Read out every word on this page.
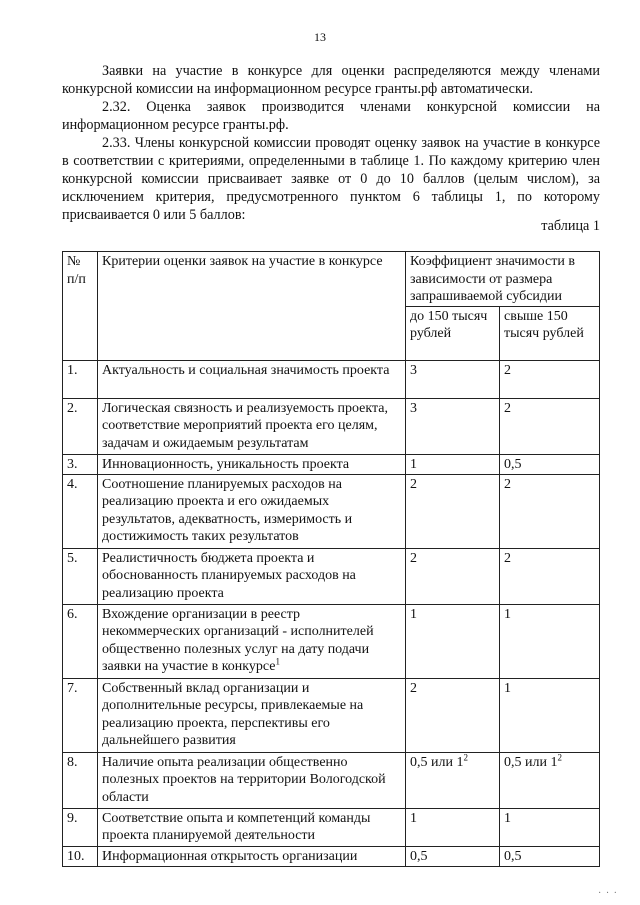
13
Заявки на участие в конкурсе для оценки распределяются между членами конкурсной комиссии на информационном ресурсе гранты.рф автоматически.
2.32. Оценка заявок производится членами конкурсной комиссии на информационном ресурсе гранты.рф.
2.33. Члены конкурсной комиссии проводят оценку заявок на участие в конкурсе в соответствии с критериями, определенными в таблице 1. По каждому критерию член конкурсной комиссии присваивает заявке от 0 до 10 баллов (целым числом), за исключением критерия, предусмотренного пунктом 6 таблицы 1, по которому присваивается 0 или 5 баллов:
таблица 1
№ п/п	Критерии оценки заявок на участие в конкурсе	Коэффициент значимости в зависимости от размера запрашиваемой субсидии	
		до 150 тысяч рублей	свыше 150 тысяч рублей
1.	Актуальность и социальная значимость проекта	3	2
2.	Логическая связность и реализуемость проекта, соответствие мероприятий проекта его целям, задачам и ожидаемым результатам	3	2
3.	Инновационность, уникальность проекта	1	0,5
4.	Соотношение планируемых расходов на реализацию проекта и его ожидаемых результатов, адекватность, измеримость и достижимость таких результатов	2	2
5.	Реалистичность бюджета проекта и обоснованность планируемых расходов на реализацию проекта	2	2
6.	Вхождение организации в реестр некоммерческих организаций - исполнителей общественно полезных услуг на дату подачи заявки на участие в конкурсе$^1$	1	1
7.	Собственный вклад организации и дополнительные ресурсы, привлекаемые на реализацию проекта, перспективы его дальнейшего развития	2	1
8.	Наличие опыта реализации общественно полезных проектов на территории Вологодской области	0,5 или $1^2$	0,5 или $1^2$
9.	Соответствие опыта и компетенций команды проекта планируемой деятельности	1	1
10.	Информационная открытость организации	0,5	0,5
· · ·
